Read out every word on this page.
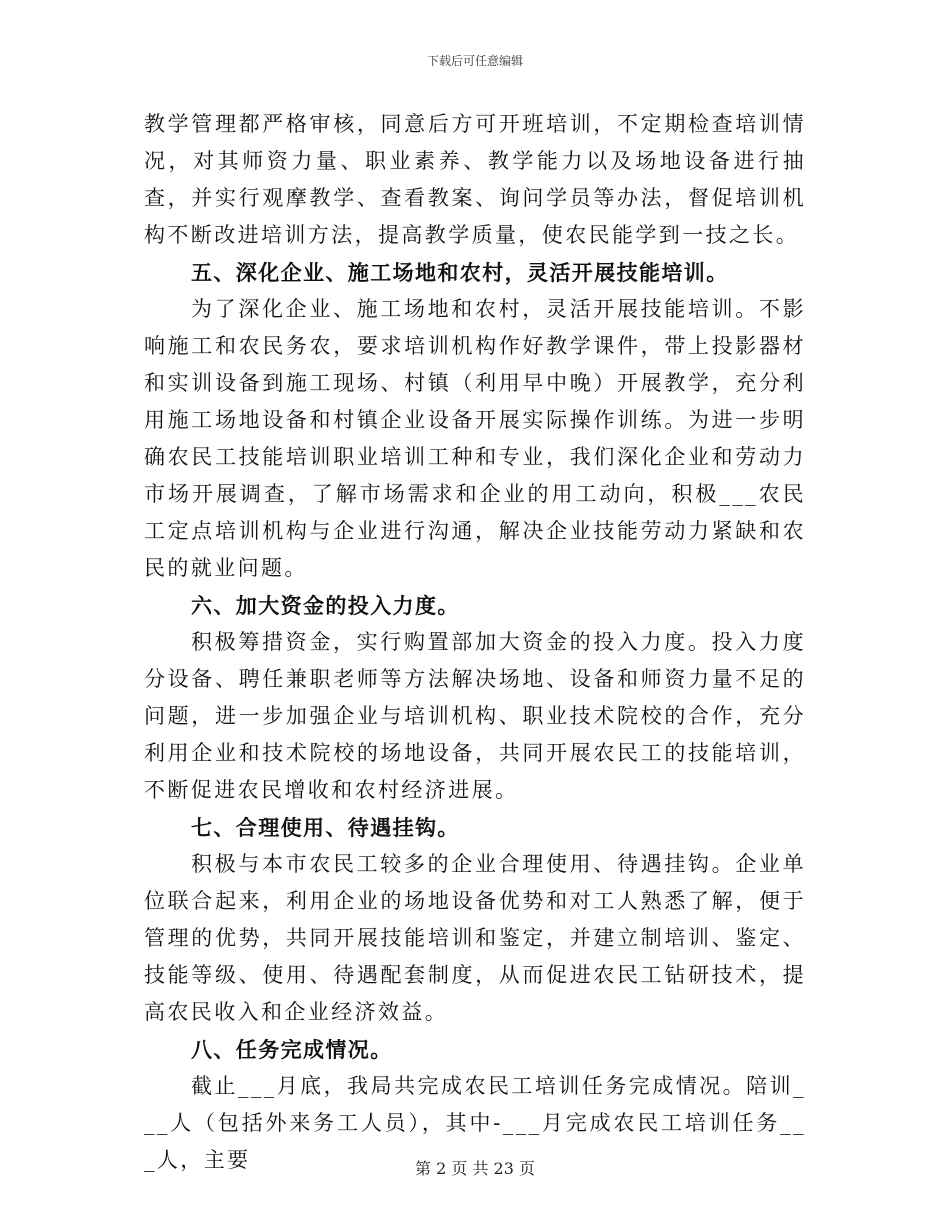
下载后可任意编辑

教学管理都严格审核，同意后方可开班培训，不定期检查培训情况，对其师资力量、职业素养、教学能力以及场地设备进行抽查，并实行观摩教学、查看教案、询问学员等办法，督促培训机构不断改进培训方法，提高教学质量，使农民能学到一技之长。

五、深化企业、施工场地和农村，灵活开展技能培训。

为了深化企业、施工场地和农村，灵活开展技能培训。不影响施工和农民务农，要求培训机构作好教学课件，带上投影器材和实训设备到施工现场、村镇（利用早中晚）开展教学，充分利用施工场地设备和村镇企业设备开展实际操作训练。为进一步明确农民工技能培训职业培训工种和专业，我们深化企业和劳动力市场开展调查，了解市场需求和企业的用工动向，积极___农民工定点培训机构与企业进行沟通，解决企业技能劳动力紧缺和农民的就业问题。

六、加大资金的投入力度。

积极筹措资金，实行购置部加大资金的投入力度。投入力度分设备、聘任兼职老师等方法解决场地、设备和师资力量不足的问题，进一步加强企业与培训机构、职业技术院校的合作，充分利用企业和技术院校的场地设备，共同开展农民工的技能培训，不断促进农民增收和农村经济进展。

七、合理使用、待遇挂钩。

积极与本市农民工较多的企业合理使用、待遇挂钩。企业单位联合起来，利用企业的场地设备优势和对工人熟悉了解，便于管理的优势，共同开展技能培训和鉴定，并建立制培训、鉴定、技能等级、使用、待遇配套制度，从而促进农民工钻研技术，提高农民收入和企业经济效益。

八、任务完成情况。

截止___月底，我局共完成农民工培训任务完成情况。陪训___人（包括外来务工人员），其中-___月完成农民工培训任务___人，主要	第 2 页 共 23 页
